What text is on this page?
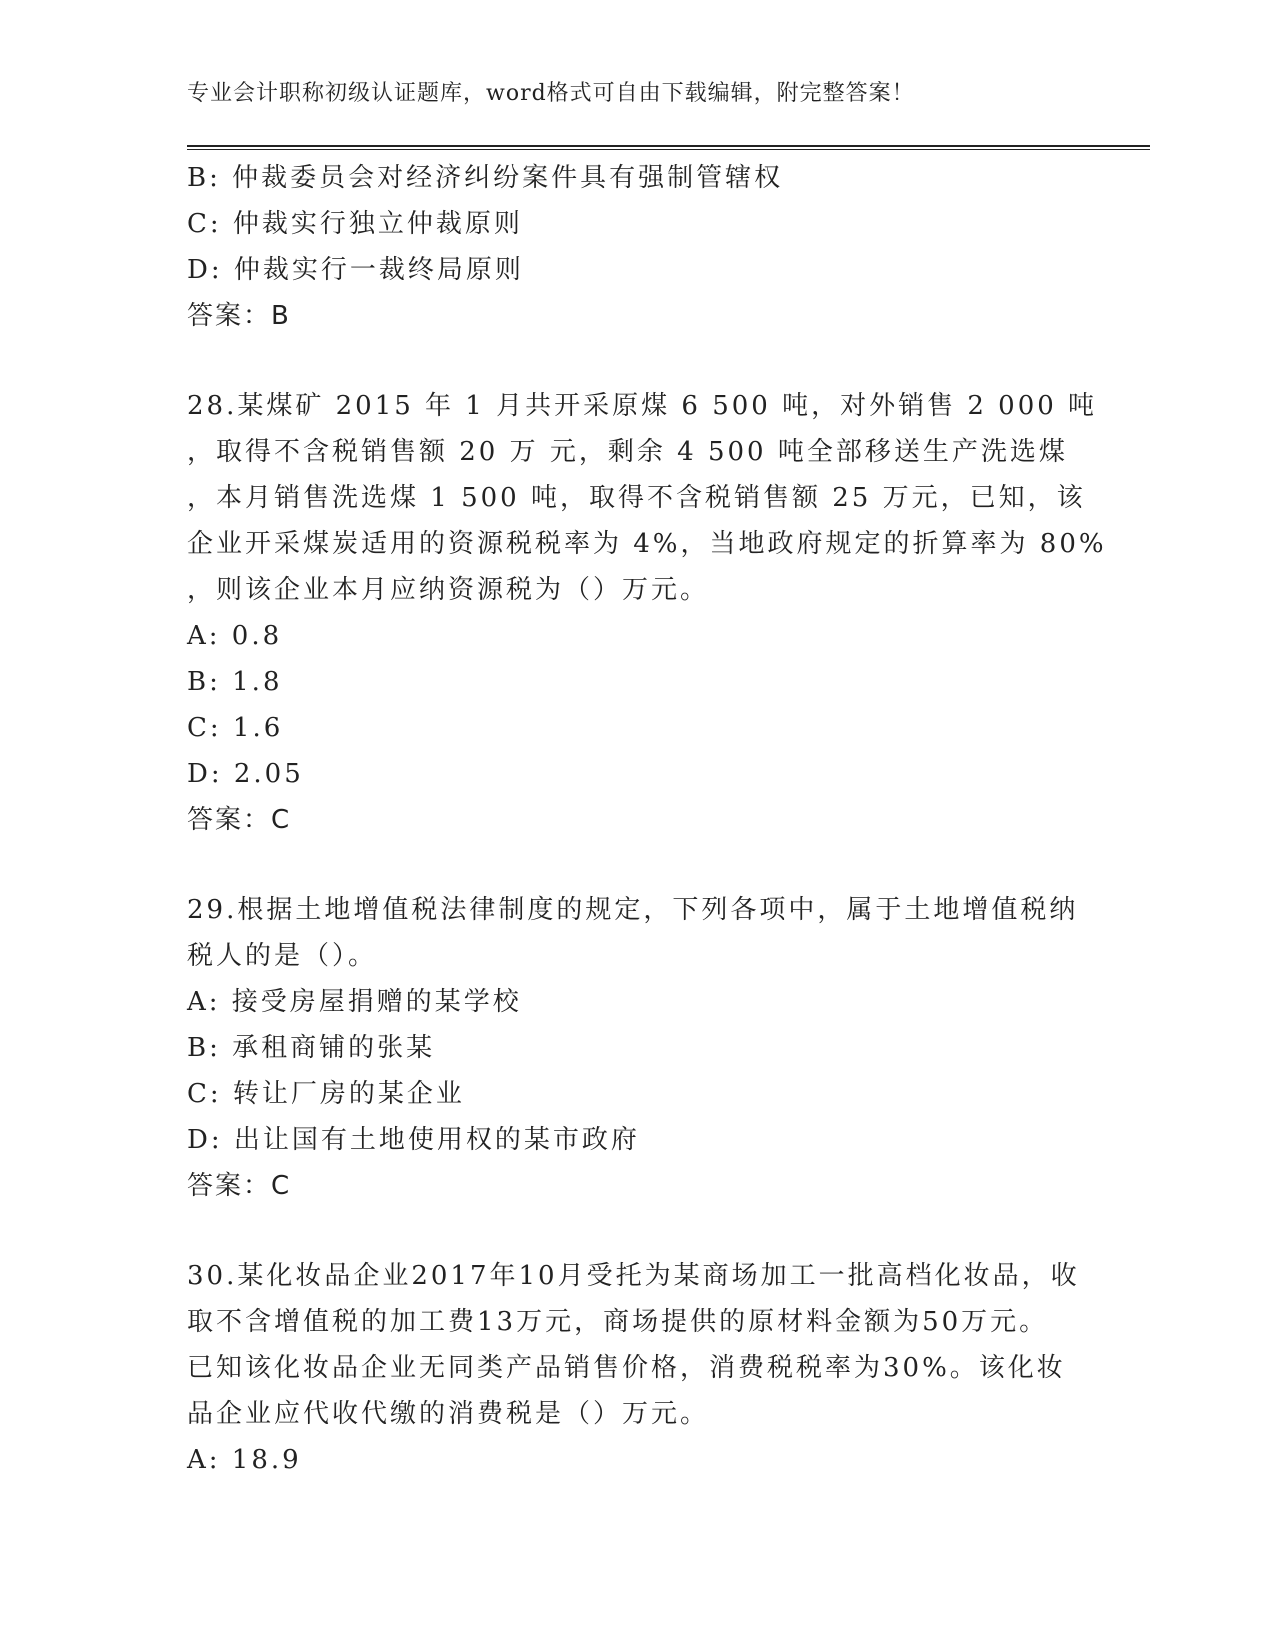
专业会计职称初级认证题库，word格式可自由下载编辑，附完整答案！
B: 仲裁委员会对经济纠纷案件具有强制管辖权
C: 仲裁实行独立仲裁原则
D: 仲裁实行一裁终局原则
答案：B
28.某煤矿 2015 年 1 月共开采原煤 6 500 吨，对外销售 2 000 吨
，取得不含税销售额 20 万 元，剩余 4 500 吨全部移送生产洗选煤
，本月销售洗选煤 1 500 吨，取得不含税销售额 25 万元，已知，该
企业开采煤炭适用的资源税税率为 4%，当地政府规定的折算率为 80%
，则该企业本月应纳资源税为（）万元。
A: 0.8
B: 1.8
C: 1.6
D: 2.05
答案：C
29.根据土地增值税法律制度的规定，下列各项中，属于土地增值税纳
税人的是（）。
A: 接受房屋捐赠的某学校
B: 承租商铺的张某
C: 转让厂房的某企业
D: 出让国有土地使用权的某市政府
答案：C
30.某化妆品企业2017年10月受托为某商场加工一批高档化妆品，收
取不含增值税的加工费13万元，商场提供的原材料金额为50万元。
已知该化妆品企业无同类产品销售价格，消费税税率为30%。该化妆
品企业应代收代缴的消费税是（）万元。
A: 18.9
